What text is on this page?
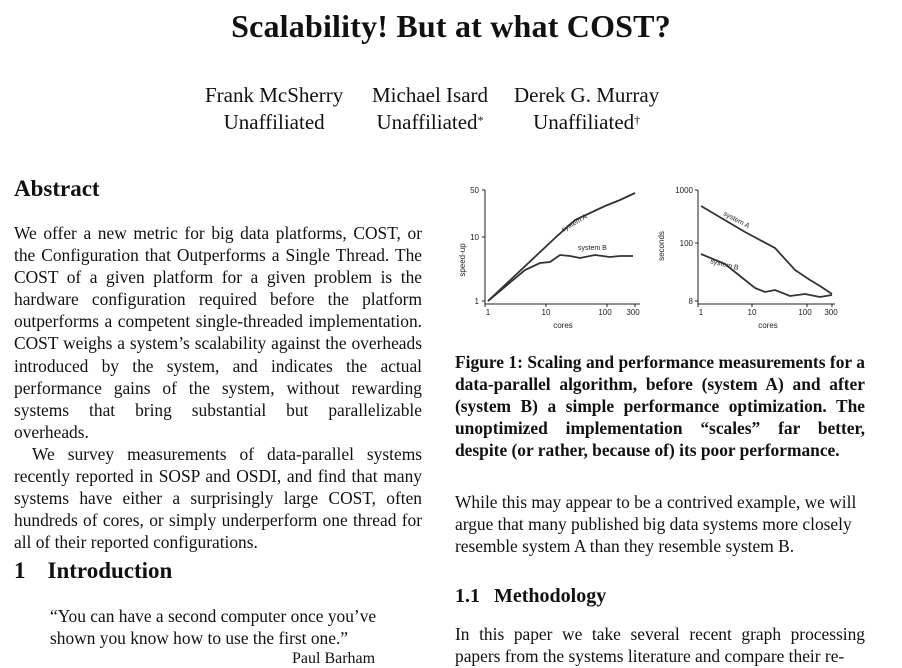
Scalability! But at what COST?
Frank McSherry
Unaffiliated
Michael Isard
Unaffiliated*
Derek G. Murray
Unaffiliated†
Abstract

We offer a new metric for big data platforms, COST, or the Configuration that Outperforms a Single Thread. The COST of a given platform for a given problem is the hardware configuration required before the platform outperforms a competent single-threaded implementation. COST weighs a system’s scalability against the overheads introduced by the system, and indicates the actual performance gains of the system, without rewarding systems that bring substantial but parallelizable overheads.

We survey measurements of data-parallel systems recently reported in SOSP and OSDI, and find that many systems have either a surprisingly large COST, often hundreds of cores, or simply underperform one thread for all of their reported configurations.

1 Introduction
“You can have a second computer once you’ve shown you know how to use the first one.”
Paul Barham
50
10
1
1	10	100 300
cores
speed-up
system A
system B
1000
100
8
1	10	100 300
cores
seconds
system A
system B
Figure 1: Scaling and performance measurements for a data-parallel algorithm, before (system A) and after (system B) a simple performance optimization. The unoptimized implementation “scales” far better, despite (or rather, because of) its poor performance.
While this may appear to be a contrived example, we will argue that many published big data systems more closely resemble system A than they resemble system B.
1.1 Methodology
In this paper we take several recent graph processing papers from the systems literature and compare their re-
